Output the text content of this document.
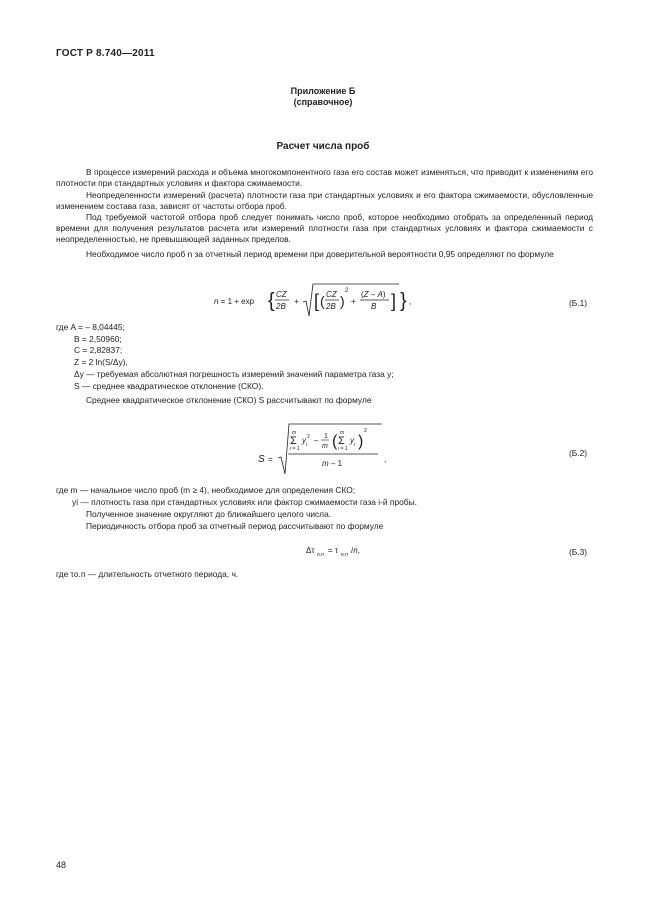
ГОСТ Р 8.740—2011
Приложение Б
(справочное)
Расчет числа проб
В процессе измерений расхода и объема многокомпонентного газа его состав может изменяться, что приводит к изменениям его плотности при стандартных условиях и фактора сжимаемости.
Неопределенности измерений (расчета) плотности газа при стандартных условиях и его фактора сжимаемости, обусловленные изменением состава газа, зависят от частоты отбора проб.
Под требуемой частотой отбора проб следует понимать число проб, которое необходимо отобрать за определенный период времени для получения результатов расчета или измерений плотности газа при стандартных условиях и фактора сжимаемости с неопределенностью, не превышающей заданных пределов.
Необходимое число проб n за отчетный период времени при доверительной вероятности 0,95 определяют по формуле
n = 1 + exp { CZ
2B
+ [ ( CZ
2B )
2
+
(Z – A)
B ] } ,	(Б.1)
где A = – 8,04445;
B = 2,50960;
C = 2,82837;
Z = 2 ln(S/Δy),
Δy — требуемая абсолютная погрешность измерений значений параметра газа y;
S — среднее квадратическое отклонение (СКО).
Среднее квадратическое отклонение (СКО) S рассчитывают по формуле
S =
m
Σ
i = 1
y i
2 – 1
m ( m
Σ
i = 1
y i )
2
m – 1	,
(Б.2)
где m — начальное число проб (m ≥ 4), необходимое для определения СКО;
yi — плотность газа при стандартных условиях или фактор сжимаемости газа i-й пробы.
Полученное значение округляют до ближайшего целого числа.
Периодичность отбора проб за отчетный период рассчитывают по формуле
Δτ о.п = τ о.п /n,	(Б.3)
где τо.п — длительность отчетного периода, ч.
48
